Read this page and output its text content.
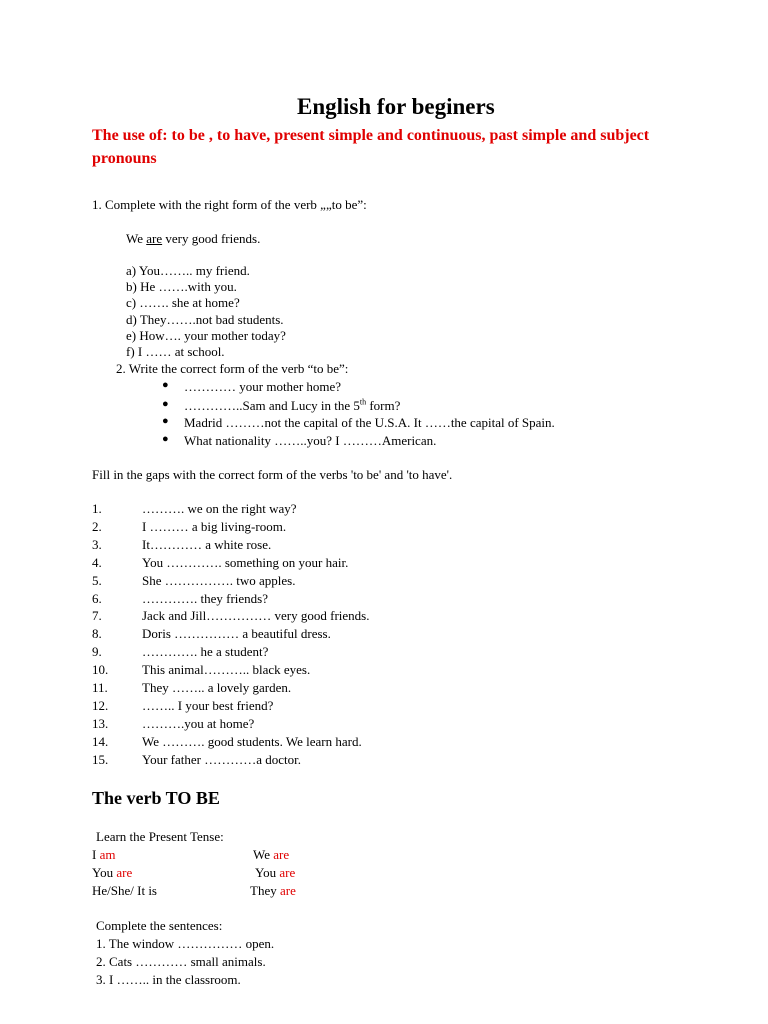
English for beginers
The use of: to be , to have, present simple and continuous, past simple and subject pronouns
1. Complete with the right form of the verb „„to be”:
We are very good friends.
a) You…….. my friend.
b) He …….with you.
c) ……. she at home?
d) They…….not bad students.
e) How…. your mother today?
f) I …… at school.
2. Write the correct form of the verb “to be”:
● ………… your mother home?
● …………..Sam and Lucy in the 5th form?
● Madrid ………not the capital of the U.S.A. It ……the capital of Spain.
● What nationality ……..you? I ………American.
Fill in the gaps with the correct form of the verbs 'to be' and 'to have'.
1.	………. we on the right way?
2.	I ……… a big living-room.
3.	It………… a white rose.
4.	You …………. something on your hair.
5.	She ……………. two apples.
6.	…………. they friends?
7.	Jack and Jill…………… very good friends.
8.	Doris …………… a beautiful dress.
9.	…………. he a student?
10.	This animal……….. black eyes.
11.	They …….. a lovely garden.
12.	…….. I your best friend?
13.	……….you at home?
14.	We ………. good students. We learn hard.
15.	Your father …………a doctor.
The verb TO BE
Learn the Present Tense:
I am	We are
You are	You are
He/She/ It is	They are
Complete the sentences:
1. The window …………… open.
2. Cats ………… small animals.
3. I …….. in the classroom.
